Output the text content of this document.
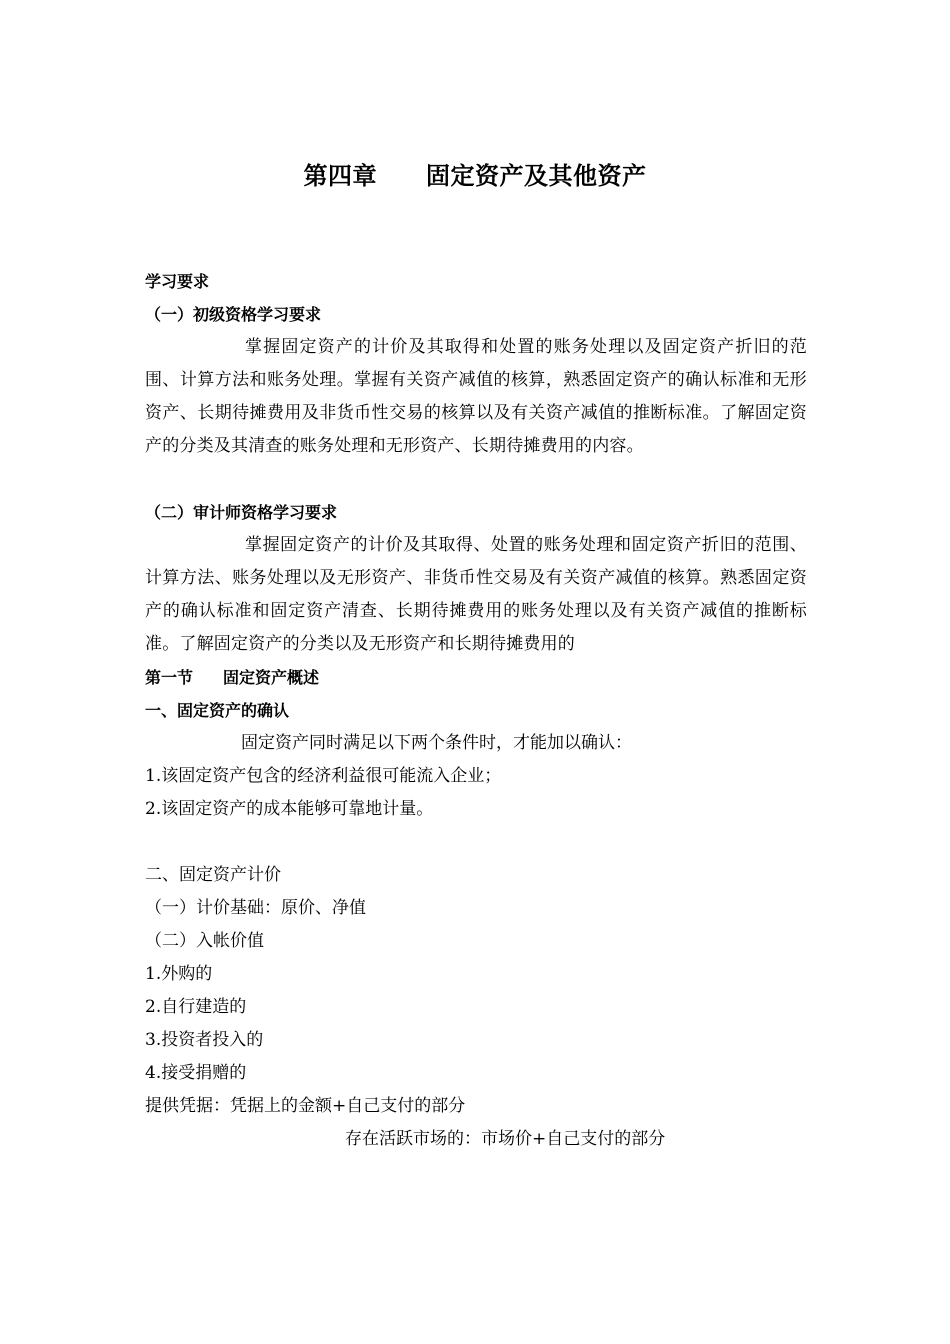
第四章　　固定资产及其他资产
学习要求
（一）初级资格学习要求
掌握固定资产的计价及其取得和处置的账务处理以及固定资产折旧的范围、计算方法和账务处理。掌握有关资产减值的核算，熟悉固定资产的确认标准和无形资产、长期待摊费用及非货币性交易的核算以及有关资产减值的推断标准。了解固定资产的分类及其清查的账务处理和无形资产、长期待摊费用的内容。
（二）审计师资格学习要求
掌握固定资产的计价及其取得、处置的账务处理和固定资产折旧的范围、计算方法、账务处理以及无形资产、非货币性交易及有关资产减值的核算。熟悉固定资产的确认标准和固定资产清查、长期待摊费用的账务处理以及有关资产减值的推断标准。了解固定资产的分类以及无形资产和长期待摊费用的
第一节 固定资产概述
一、固定资产的确认
固定资产同时满足以下两个条件时，才能加以确认：
1.该固定资产包含的经济利益很可能流入企业；
2.该固定资产的成本能够可靠地计量。
二、固定资产计价
（一）计价基础：原价、净值
（二）入帐价值
1.外购的
2.自行建造的
3.投资者投入的
4.接受捐赠的
提供凭据：凭据上的金额+自己支付的部分
存在活跃市场的：市场价+自己支付的部分
